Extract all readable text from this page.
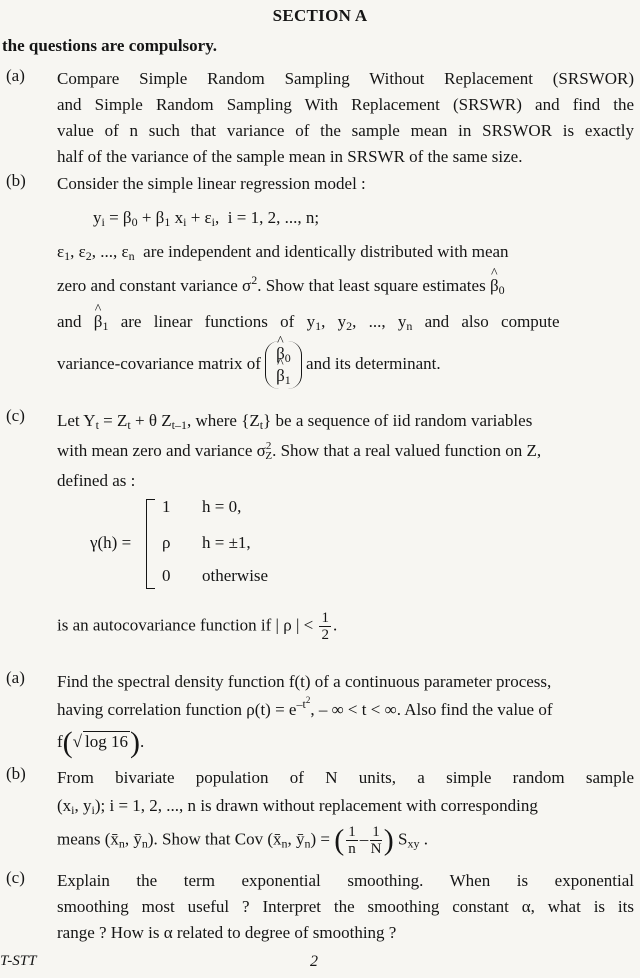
SECTION A
the questions are compulsory.
(a) Compare Simple Random Sampling Without Replacement (SRSWOR)
and Simple Random Sampling With Replacement (SRSWR) and find the
value of n such that variance of the sample mean in SRSWOR is exactly
half of the variance of the sample mean in SRSWR of the same size.
(b) Consider the simple linear regression model :
$y_i = \beta_0 + \beta_1$ $x_i + \varepsilon_i$,  i = 1, 2, ..., n;
$\varepsilon_1$, $\varepsilon_2$, ..., $\varepsilon_n$ are independent and identically distributed with mean
zero and constant variance $\sigma^2$. Show that least square estimates ^ $\beta_0$
and ^ $\beta_1$ are linear functions of $y_1$, $y_2$, ..., $y_n$ and also compute
variance-covariance matrix of
^ $\beta_0$
^ $\beta_1$
and its determinant.
(c) Let $Y_t = Z_t + \theta$ $Z_{t-1}$, where $\{Z_t\}$ be a sequence of iid random variables
with mean zero and variance $\sigma^2_Z$. Show that a real valued function on Z,
defined as :
γ(h) =
1 h = 0,
ρ h = ±1,
0 otherwise
is an autocovariance function if | ρ | < $\frac{1}{2}$ .
(a) Find the spectral density function f(t) of a continuous parameter process,
having correlation function $\rho(t) = e^{-t^2}$, – ∞ < t < ∞. Also find the value of
f(√ log 16).
(b) From bivariate population of N units, a simple random sample
($x_i$, $y_i$); i = 1, 2, ..., n is drawn without replacement with corresponding
means ($x̄_n$, $ȳ_n$). Show that Cov ($x̄_n$, $ȳ_n$) = ( $\frac{1}{n} - \frac{1}{N}$ ) $S_{xy}$ .
(c) Explain the term exponential smoothing. When is exponential
smoothing most useful ? Interpret the smoothing constant α, what is its
range ? How is α related to degree of smoothing ?
T-STT	2
